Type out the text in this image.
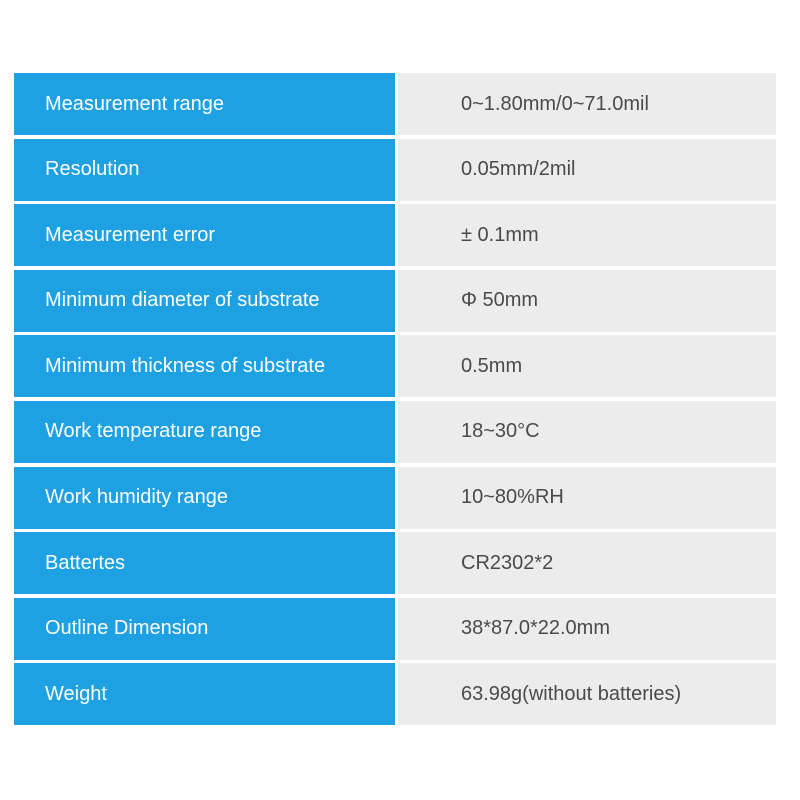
Measurement range	0~1.80mm/0~71.0mil
Resolution	0.05mm/2mil
Measurement error	± 0.1mm
Minimum diameter of substrate	Φ 50mm
Minimum thickness of substrate	0.5mm
Work temperature range	18~30°C
Work humidity range	10~80%RH
Battertes	CR2302*2
Outline Dimension	38*87.0*22.0mm
Weight	63.98g(without batteries)
